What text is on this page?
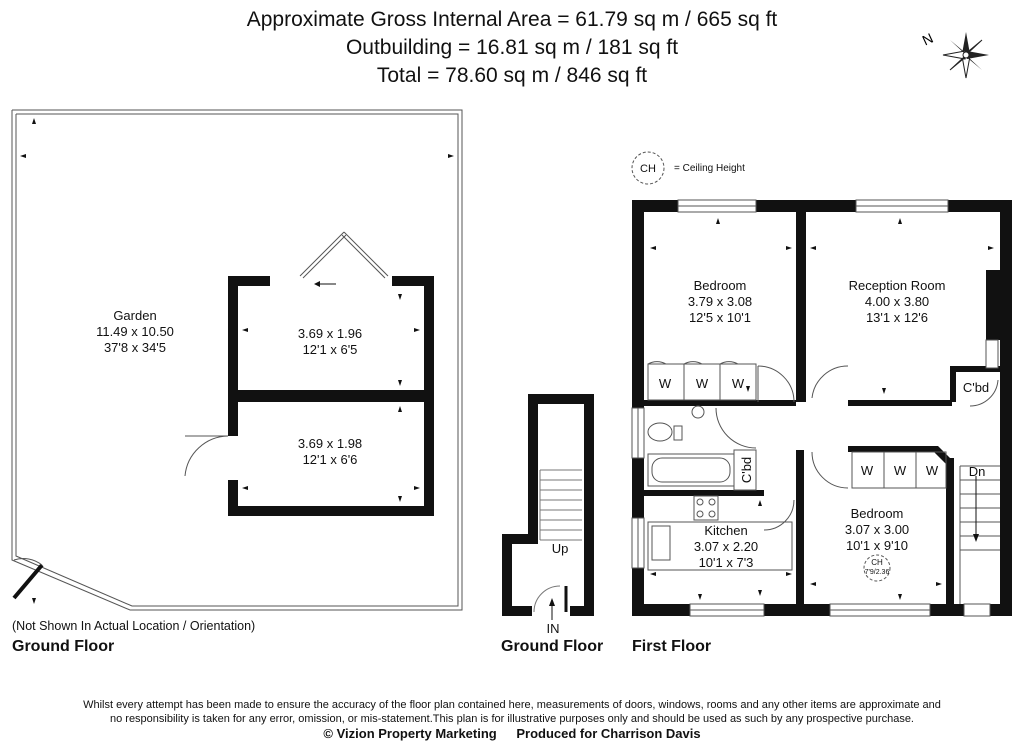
Approximate Gross Internal Area = 61.79 sq m / 665 sq ft
Outbuilding = 16.81 sq m / 181 sq ft
Total = 78.60 sq m / 846 sq ft
N
CH	= Ceiling Height
Garden
11.49 x 10.50
37'8 x 34'5
3.69 x 1.96
12'1 x 6'5
3.69 x 1.98
12'1 x 6'6
Bedroom
3.79 x 3.08
12'5 x 10'1
Reception Room
4.00 x 3.80
13'1 x 12'6
Kitchen
3.07 x 2.20
10'1 x 7'3
Bedroom
3.07 x 3.00
10'1 x 9'10
CH
7'9/2.36
W W W
W W W
C'bd
C'bd
Up
Dn
IN
(Not Shown In Actual Location / Orientation)
Ground Floor	Ground Floor First Floor
Whilst every attempt has been made to ensure the accuracy of the floor plan contained here, measurements of doors, windows, rooms and any other items are approximate and
no responsibility is taken for any error, omission, or mis-statement.This plan is for illustrative purposes only and should be used as such by any prospective purchase.
© Vizion Property Marketing Produced for Charrison Davis
